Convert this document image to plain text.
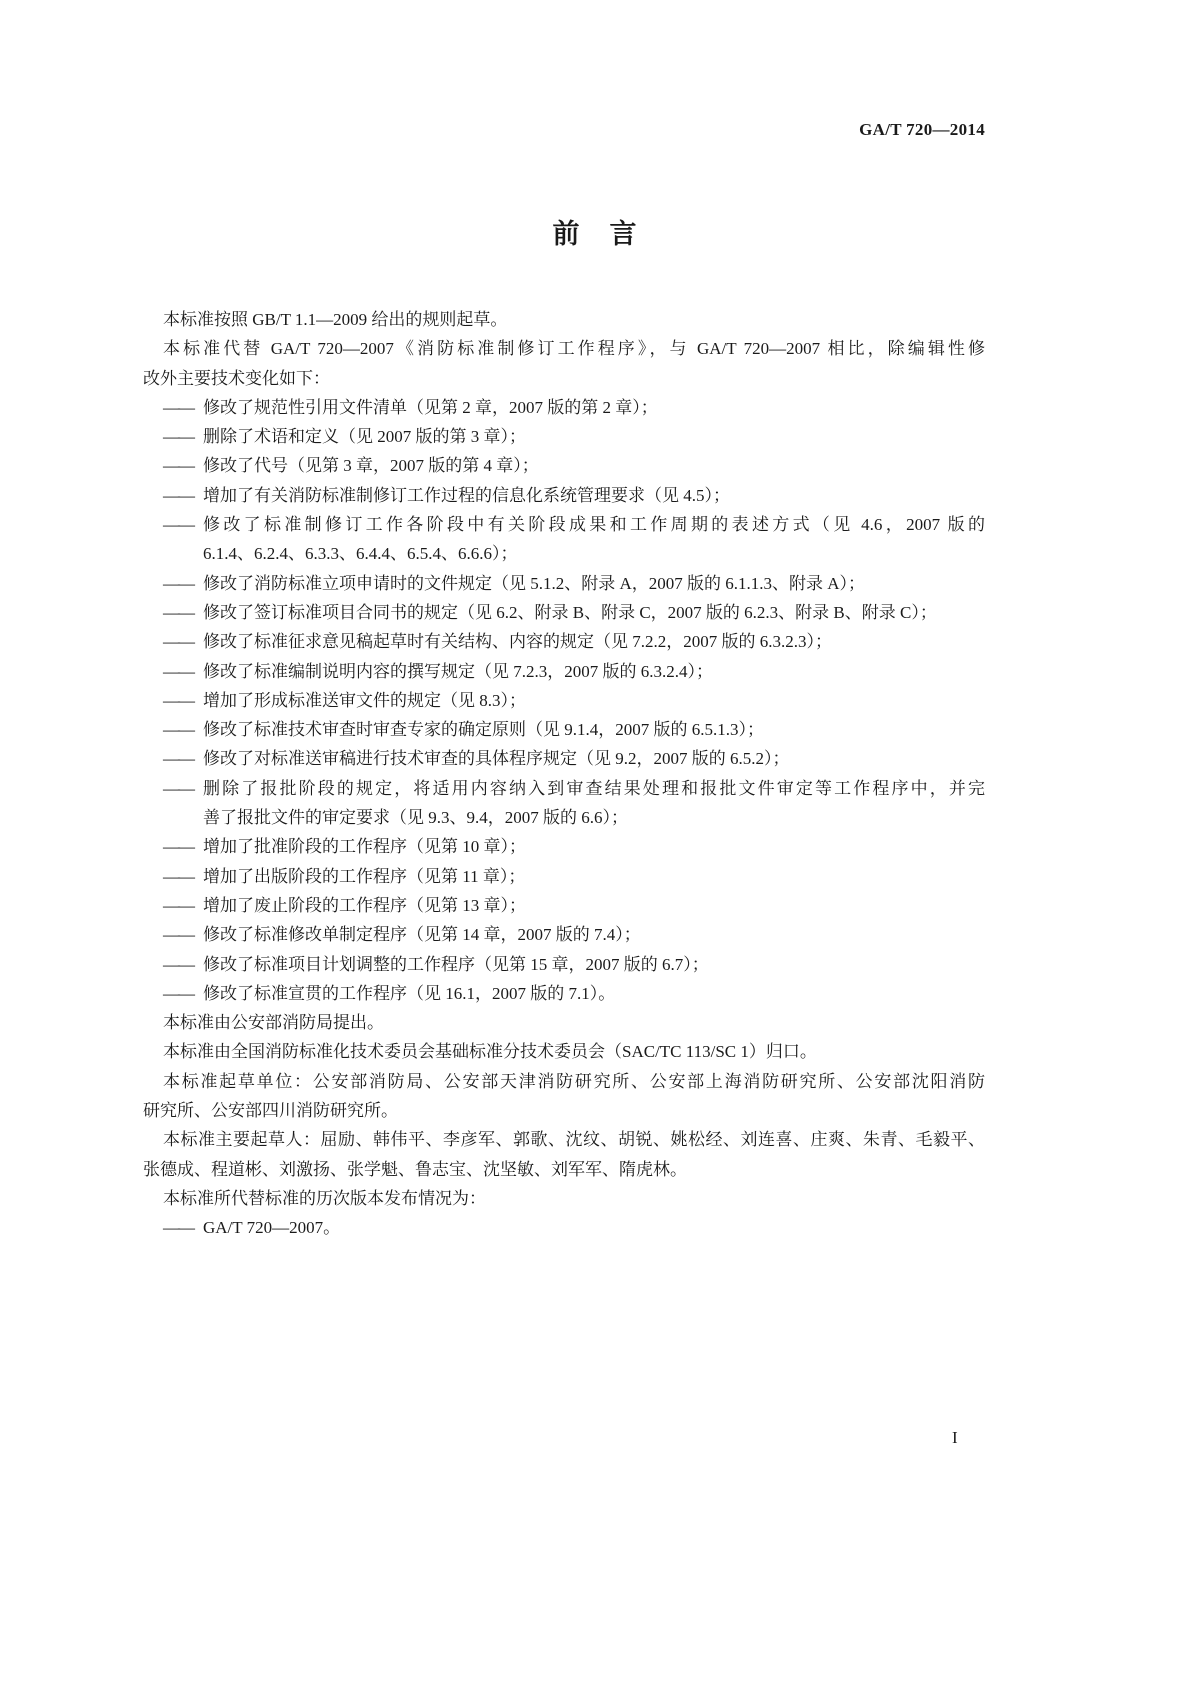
GA/T 720—2014
前 言
本标准按照 GB/T 1.1—2009 给出的规则起草。
本标准代替 GA/T 720—2007《消防标准制修订工作程序》，与 GA/T 720—2007 相比，除编辑性修
改外主要技术变化如下：
—— 修改了规范性引用文件清单（见第 2 章，2007 版的第 2 章）；
—— 删除了术语和定义（见 2007 版的第 3 章）；
—— 修改了代号（见第 3 章，2007 版的第 4 章）；
—— 增加了有关消防标准制修订工作过程的信息化系统管理要求（见 4.5）；
—— 修改了标准制修订工作各阶段中有关阶段成果和工作周期的表述方式（见 4.6，2007 版的
6.1.4、6.2.4、6.3.3、6.4.4、6.5.4、6.6.6）；
—— 修改了消防标准立项申请时的文件规定（见 5.1.2、附录 A，2007 版的 6.1.1.3、附录 A）；
—— 修改了签订标准项目合同书的规定（见 6.2、附录 B、附录 C，2007 版的 6.2.3、附录 B、附录 C）；
—— 修改了标准征求意见稿起草时有关结构、内容的规定（见 7.2.2，2007 版的 6.3.2.3）；
—— 修改了标准编制说明内容的撰写规定（见 7.2.3，2007 版的 6.3.2.4）；
—— 增加了形成标准送审文件的规定（见 8.3）；
—— 修改了标准技术审查时审查专家的确定原则（见 9.1.4，2007 版的 6.5.1.3）；
—— 修改了对标准送审稿进行技术审查的具体程序规定（见 9.2，2007 版的 6.5.2）；
—— 删除了报批阶段的规定，将适用内容纳入到审查结果处理和报批文件审定等工作程序中，并完
善了报批文件的审定要求（见 9.3、9.4，2007 版的 6.6）；
—— 增加了批准阶段的工作程序（见第 10 章）；
—— 增加了出版阶段的工作程序（见第 11 章）；
—— 增加了废止阶段的工作程序（见第 13 章）；
—— 修改了标准修改单制定程序（见第 14 章，2007 版的 7.4）；
—— 修改了标准项目计划调整的工作程序（见第 15 章，2007 版的 6.7）；
—— 修改了标准宣贯的工作程序（见 16.1，2007 版的 7.1）。
本标准由公安部消防局提出。
本标准由全国消防标准化技术委员会基础标准分技术委员会（SAC/TC 113/SC 1）归口。
本标准起草单位：公安部消防局、公安部天津消防研究所、公安部上海消防研究所、公安部沈阳消防
研究所、公安部四川消防研究所。
本标准主要起草人：屈励、韩伟平、李彦军、郭歌、沈纹、胡锐、姚松经、刘连喜、庄爽、朱青、毛毅平、
张德成、程道彬、刘激扬、张学魁、鲁志宝、沈坚敏、刘军军、隋虎林。
本标准所代替标准的历次版本发布情况为：
—— GA/T 720—2007。
I
